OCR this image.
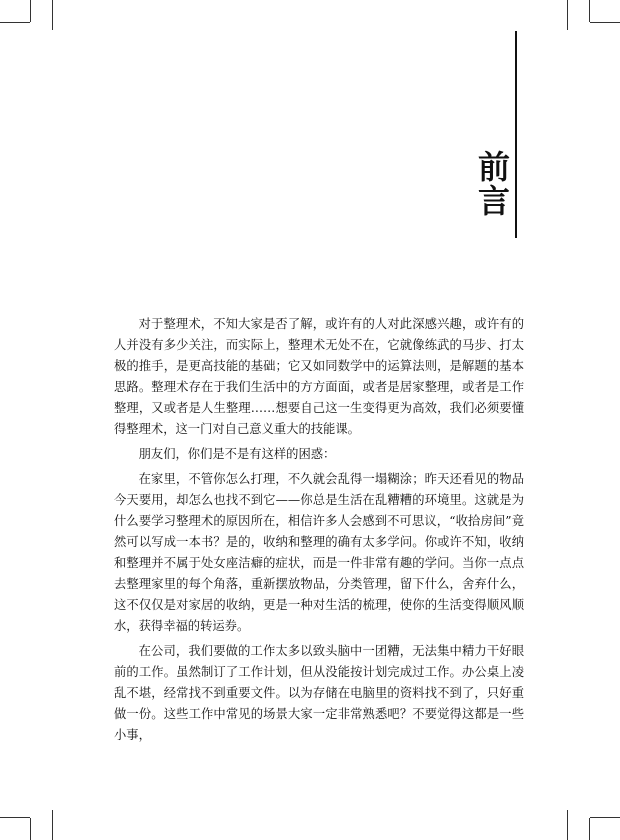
前言

对于整理术，不知大家是否了解，或许有的人对此深感兴趣，或许有的人并没有多少关注，而实际上，整理术无处不在，它就像练武的马步、打太极的推手，是更高技能的基础；它又如同数学中的运算法则，是解题的基本思路。整理术存在于我们生活中的方方面面，或者是居家整理，或者是工作整理，又或者是人生整理……想要自己这一生变得更为高效，我们必须要懂得整理术，这一门对自己意义重大的技能课。

朋友们，你们是不是有这样的困惑：

在家里，不管你怎么打理，不久就会乱得一塌糊涂；昨天还看见的物品今天要用，却怎么也找不到它——你总是生活在乱糟糟的环境里。这就是为什么要学习整理术的原因所在，相信许多人会感到不可思议，“收拾房间”竟然可以写成一本书？是的，收纳和整理的确有太多学问。你或许不知，收纳和整理并不属于处女座洁癖的症状，而是一件非常有趣的学问。当你一点点去整理家里的每个角落，重新摆放物品，分类管理，留下什么，舍弃什么，这不仅仅是对家居的收纳，更是一种对生活的梳理，使你的生活变得顺风顺水，获得幸福的转运券。

在公司，我们要做的工作太多以致头脑中一团糟，无法集中精力干好眼前的工作。虽然制订了工作计划，但从没能按计划完成过工作。办公桌上凌乱不堪，经常找不到重要文件。以为存储在电脑里的资料找不到了，只好重做一份。这些工作中常见的场景大家一定非常熟悉吧？不要觉得这都是一些小事，
